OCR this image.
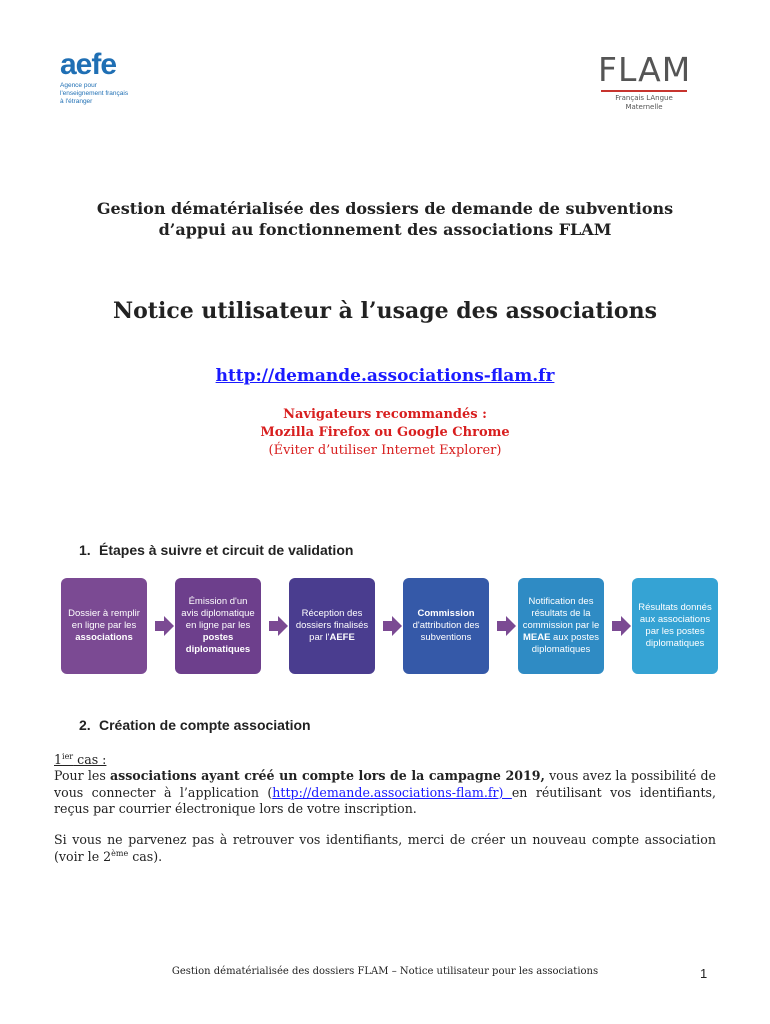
aefe
Agence pour
l'enseignement français
à l'étranger
FLAM
Français LAngue Maternelle
Gestion dématérialisée des dossiers de demande de subventions
d’appui au fonctionnement des associations FLAM
Notice utilisateur à l’usage des associations
http://demande.associations-flam.fr
Navigateurs recommandés :
Mozilla Firefox ou Google Chrome
(Éviter d’utiliser Internet Explorer)
1. Étapes à suivre et circuit de validation
Dossier à remplir en ligne par les associations
Émission d'un avis diplomatique en ligne par les postes diplomatiques
Réception des dossiers finalisés par l'AEFE
Commission d'attribution des subventions
Notification des résultats de la commission par le MEAE aux postes diplomatiques
Résultats donnés aux associations par les postes diplomatiques
2. Création de compte association
$1^{ier}$ cas :
Pour les associations ayant créé un compte lors de la campagne 2019, vous avez la possibilité de vous connecter à l’application (http://demande.associations-flam.fr) en réutilisant vos identifiants, reçus par courrier électronique lors de votre inscription.
Si vous ne parvenez pas à retrouver vos identifiants, merci de créer un nouveau compte association (voir le 2ème cas).
Gestion dématérialisée des dossiers FLAM – Notice utilisateur pour les associations	1
